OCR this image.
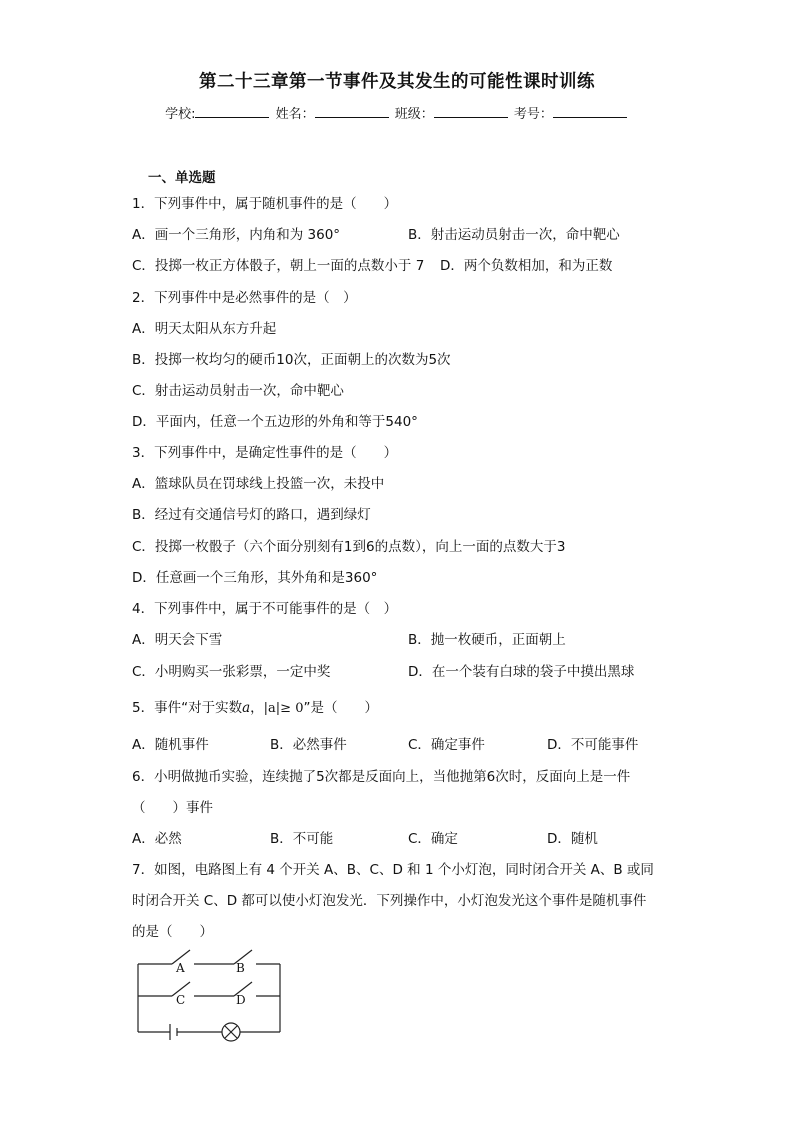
第二十三章第一节事件及其发生的可能性课时训练
学校:	姓名：	班级：	考号：
一、单选题
1．下列事件中，属于随机事件的是（　　）
A．画一个三角形，内角和为 360°	B．射击运动员射击一次，命中靶心
C．投掷一枚正方体骰子，朝上一面的点数小于 7 D．两个负数相加，和为正数
2．下列事件中是必然事件的是（　）
A．明天太阳从东方升起
B．投掷一枚均匀的硬币10次，正面朝上的次数为5次
C．射击运动员射击一次，命中靶心
D．平面内，任意一个五边形的外角和等于540°
3．下列事件中，是确定性事件的是（　　）
A．篮球队员在罚球线上投篮一次，未投中
B．经过有交通信号灯的路口，遇到绿灯
C．投掷一枚骰子（六个面分别刻有1到6的点数），向上一面的点数大于3
D．任意画一个三角形，其外角和是360°
4．下列事件中，属于不可能事件的是（　）
A．明天会下雪	B．抛一枚硬币，正面朝上
C．小明购买一张彩票，一定中奖	D．在一个装有白球的袋子中摸出黑球
5．事件“对于实数a，|a|≥ 0”是（　　）
A．随机事件	B．必然事件	C．确定事件	D．不可能事件
6．小明做抛币实验，连续抛了5次都是反面向上，当他抛第6次时，反面向上是一件
（　　）事件
A．必然	B．不可能	C．确定	D．随机
7．如图，电路图上有 4 个开关 A、B、C、D 和 1 个小灯泡，同时闭合开关 A、B 或同
时闭合开关 C、D 都可以使小灯泡发光．下列操作中，小灯泡发光这个事件是随机事件
的是（　　）
A	B
C	D
